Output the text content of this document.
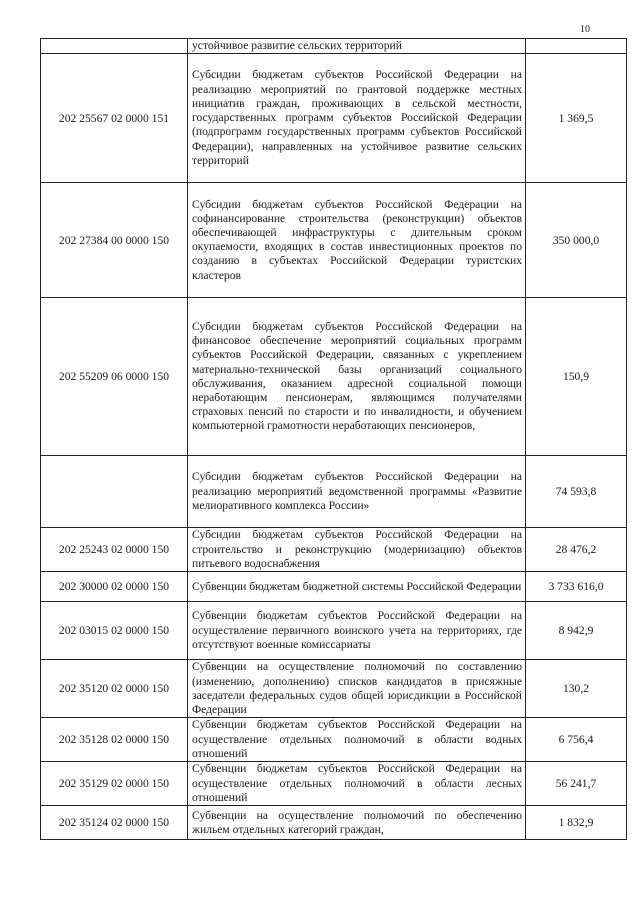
10
	устойчивое развитие сельских территорий	
202 25567 02 0000 151	Субсидии бюджетам субъектов Российской Федерации на реализацию мероприятий по грантовой поддержке местных инициатив граждан, проживающих в сельской местности, государственных программ субъектов Российской Федерации (подпрограмм государственных программ субъектов Российской Федерации), направленных на устойчивое развитие сельских территорий	1 369,5
202 27384 00 0000 150	Субсидии бюджетам субъектов Российской Федерации на софинансирование строительства (реконструкции) объектов обеспечивающей инфраструктуры с длительным сроком окупаемости, входящих в состав инвестиционных проектов по созданию в субъектах Российской Федерации туристских кластеров	350 000,0
202 55209 06 0000 150	Субсидии бюджетам субъектов Российской Федерации на финансовое обеспечение мероприятий социальных программ субъектов Российской Федерации, связанных с укреплением материально-технической базы организаций социального обслуживания, оказанием адресной социальной помощи неработающим пенсионерам, являющимся получателями страховых пенсий по старости и по инвалидности, и обучением компьютерной грамотности неработающих пенсионеров,	150,9
	Субсидии бюджетам субъектов Российской Федерации на реализацию мероприятий ведомственной программы «Развитие мелиоративного комплекса России»	74 593,8
202 25243 02 0000 150	Субсидии бюджетам субъектов Российской Федерации на строительство и реконструкцию (модернизацию) объектов питьевого водоснабжения	28 476,2
202 30000 02 0000 150	Субвенции бюджетам бюджетной системы Российской Федерации	3 733 616,0
202 03015 02 0000 150	Субвенции бюджетам субъектов Российской Федерации на осуществление первичного воинского учета на территориях, где отсутствуют военные комиссариаты	8 942,9
202 35120 02 0000 150	Субвенции на осуществление полномочий по составлению (изменению, дополнению) списков кандидатов в присяжные заседатели федеральных судов общей юрисдикции в Российской Федерации	130,2
202 35128 02 0000 150	Субвенции бюджетам субъектов Российской Федерации на осуществление отдельных полномочий в области водных отношений	6 756,4
202 35129 02 0000 150	Субвенции бюджетам субъектов Российской Федерации на осуществление отдельных полномочий в области лесных отношений	56 241,7
202 35124 02 0000 150	Субвенции на осуществление полномочий по обеспечению жильем отдельных категорий граждан,	1 832,9
